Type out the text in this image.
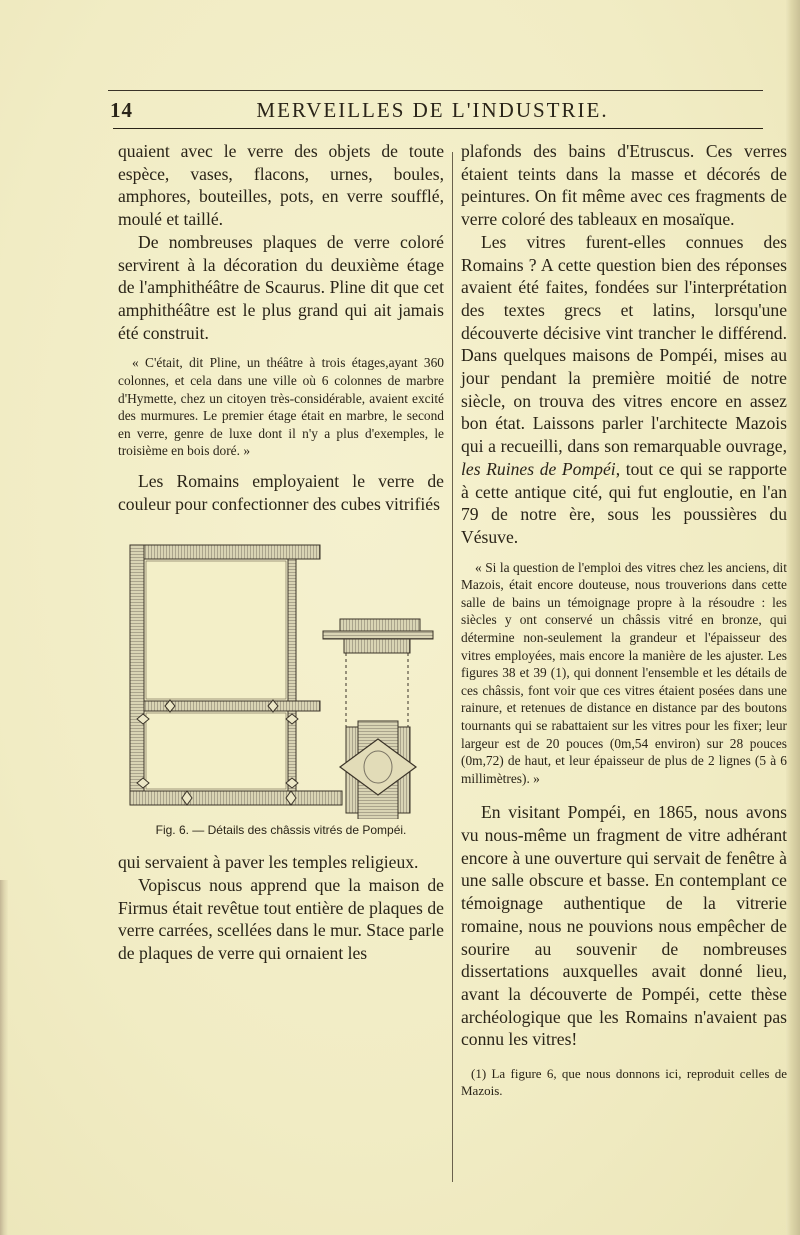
14	MERVEILLES DE L'INDUSTRIE.

quaient avec le verre des objets de toute espèce, vases, flacons, urnes, boules, amphores, bouteilles, pots, en verre soufflé, moulé et taillé.

De nombreuses plaques de verre coloré servirent à la décoration du deuxième étage de l'amphithéâtre de Scaurus. Pline dit que cet amphithéâtre est le plus grand qui ait jamais été construit.

« C'était, dit Pline, un théâtre à trois étages,ayant 360 colonnes, et cela dans une ville où 6 colonnes de marbre d'Hymette, chez un citoyen très-considérable, avaient excité des murmures. Le premier étage était en marbre, le second en verre, genre de luxe dont il n'y a plus d'exemples, le troisième en bois doré. »

Les Romains employaient le verre de couleur pour confectionner des cubes vitrifiés

Fig. 6. — Détails des châssis vitrés de Pompéi.

qui servaient à paver les temples religieux.

Vopiscus nous apprend que la maison de Firmus était revêtue tout entière de plaques de verre carrées, scellées dans le mur. Stace parle de plaques de verre qui ornaient les

plafonds des bains d'Etruscus. Ces verres étaient teints dans la masse et décorés de peintures. On fit même avec ces fragments de verre coloré des tableaux en mosaïque.

Les vitres furent-elles connues des Romains ? A cette question bien des réponses avaient été faites, fondées sur l'interprétation des textes grecs et latins, lorsqu'une découverte décisive vint trancher le différend. Dans quelques maisons de Pompéi, mises au jour pendant la première moitié de notre siècle, on trouva des vitres encore en assez bon état. Laissons parler l'architecte Mazois qui a recueilli, dans son remarquable ouvrage, les Ruines de Pompéi, tout ce qui se rapporte à cette antique cité, qui fut engloutie, en l'an 79 de notre ère, sous les poussières du Vésuve.

« Si la question de l'emploi des vitres chez les anciens, dit Mazois, était encore douteuse, nous trouverions dans cette salle de bains un témoignage propre à la résoudre : les siècles y ont conservé un châssis vitré en bronze, qui détermine non-seulement la grandeur et l'épaisseur des vitres employées, mais encore la manière de les ajuster. Les figures 38 et 39 (1), qui donnent l'ensemble et les détails de ces châssis, font voir que ces vitres étaient posées dans une rainure, et retenues de distance en distance par des boutons tournants qui se rabattaient sur les vitres pour les fixer; leur largeur est de 20 pouces (0m,54 environ) sur 28 pouces (0m,72) de haut, et leur épaisseur de plus de 2 lignes (5 à 6 millimètres). »

En visitant Pompéi, en 1865, nous avons vu nous-même un fragment de vitre adhérant encore à une ouverture qui servait de fenêtre à une salle obscure et basse. En contemplant ce témoignage authentique de la vitrerie romaine, nous ne pouvions nous empêcher de sourire au souvenir de nombreuses dissertations auxquelles avait donné lieu, avant la découverte de Pompéi, cette thèse archéologique que les Romains n'avaient pas connu les vitres!

(1) La figure 6, que nous donnons ici, reproduit celles de Mazois.
